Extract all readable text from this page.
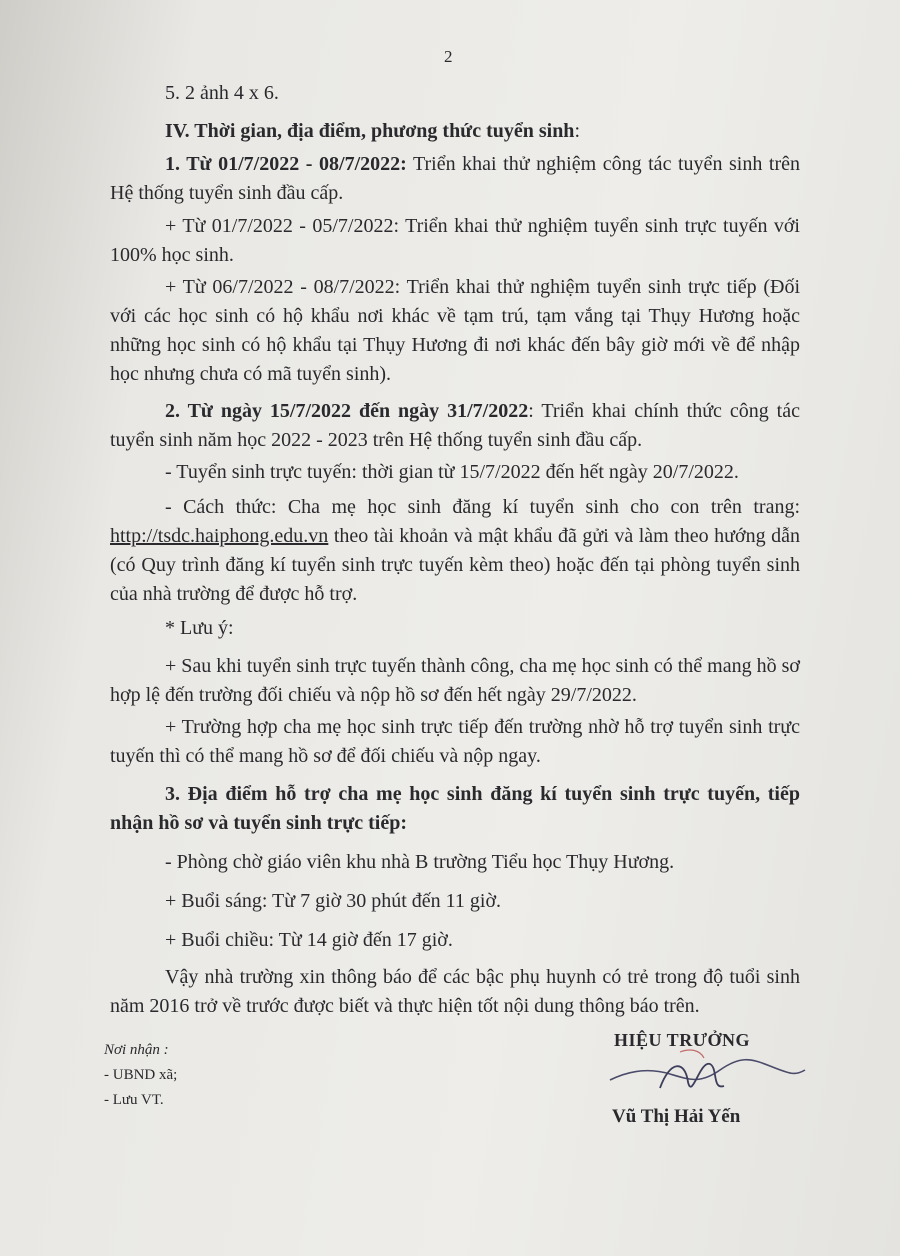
2

5. 2 ảnh 4 x 6.

IV. Thời gian, địa điểm, phương thức tuyển sinh:

1. Từ 01/7/2022 - 08/7/2022: Triển khai thử nghiệm công tác tuyển sinh trên Hệ thống tuyển sinh đầu cấp.

+ Từ 01/7/2022 - 05/7/2022: Triển khai thử nghiệm tuyển sinh trực tuyến với 100% học sinh.

+ Từ 06/7/2022 - 08/7/2022: Triển khai thử nghiệm tuyển sinh trực tiếp (Đối với các học sinh có hộ khẩu nơi khác về tạm trú, tạm vắng tại Thụy Hương hoặc những học sinh có hộ khẩu tại Thụy Hương đi nơi khác đến bây giờ mới về để nhập học nhưng chưa có mã tuyển sinh).

2. Từ ngày 15/7/2022 đến ngày 31/7/2022: Triển khai chính thức công tác tuyển sinh năm học 2022 - 2023 trên Hệ thống tuyển sinh đầu cấp.

- Tuyển sinh trực tuyến: thời gian từ 15/7/2022 đến hết ngày 20/7/2022.

- Cách thức: Cha mẹ học sinh đăng kí tuyển sinh cho con trên trang: http://tsdc.haiphong.edu.vn theo tài khoản và mật khẩu đã gửi và làm theo hướng dẫn (có Quy trình đăng kí tuyển sinh trực tuyến kèm theo) hoặc đến tại phòng tuyển sinh của nhà trường để được hỗ trợ.

* Lưu ý:

+ Sau khi tuyển sinh trực tuyến thành công, cha mẹ học sinh có thể mang hồ sơ hợp lệ đến trường đối chiếu và nộp hồ sơ đến hết ngày 29/7/2022.

+ Trường hợp cha mẹ học sinh trực tiếp đến trường nhờ hỗ trợ tuyển sinh trực tuyến thì có thể mang hồ sơ để đối chiếu và nộp ngay.

3. Địa điểm hỗ trợ cha mẹ học sinh đăng kí tuyển sinh trực tuyến, tiếp nhận hồ sơ và tuyển sinh trực tiếp:

- Phòng chờ giáo viên khu nhà B trường Tiểu học Thụy Hương.

+ Buổi sáng: Từ 7 giờ 30 phút đến 11 giờ.

+ Buổi chiều: Từ 14 giờ đến 17 giờ.

Vậy nhà trường xin thông báo để các bậc phụ huynh có trẻ trong độ tuổi sinh năm 2016 trở về trước được biết và thực hiện tốt nội dung thông báo trên.

Nơi nhận :
- UBND xã;
- Lưu VT.
HIỆU TRƯỞNG
Vũ Thị Hải Yến
